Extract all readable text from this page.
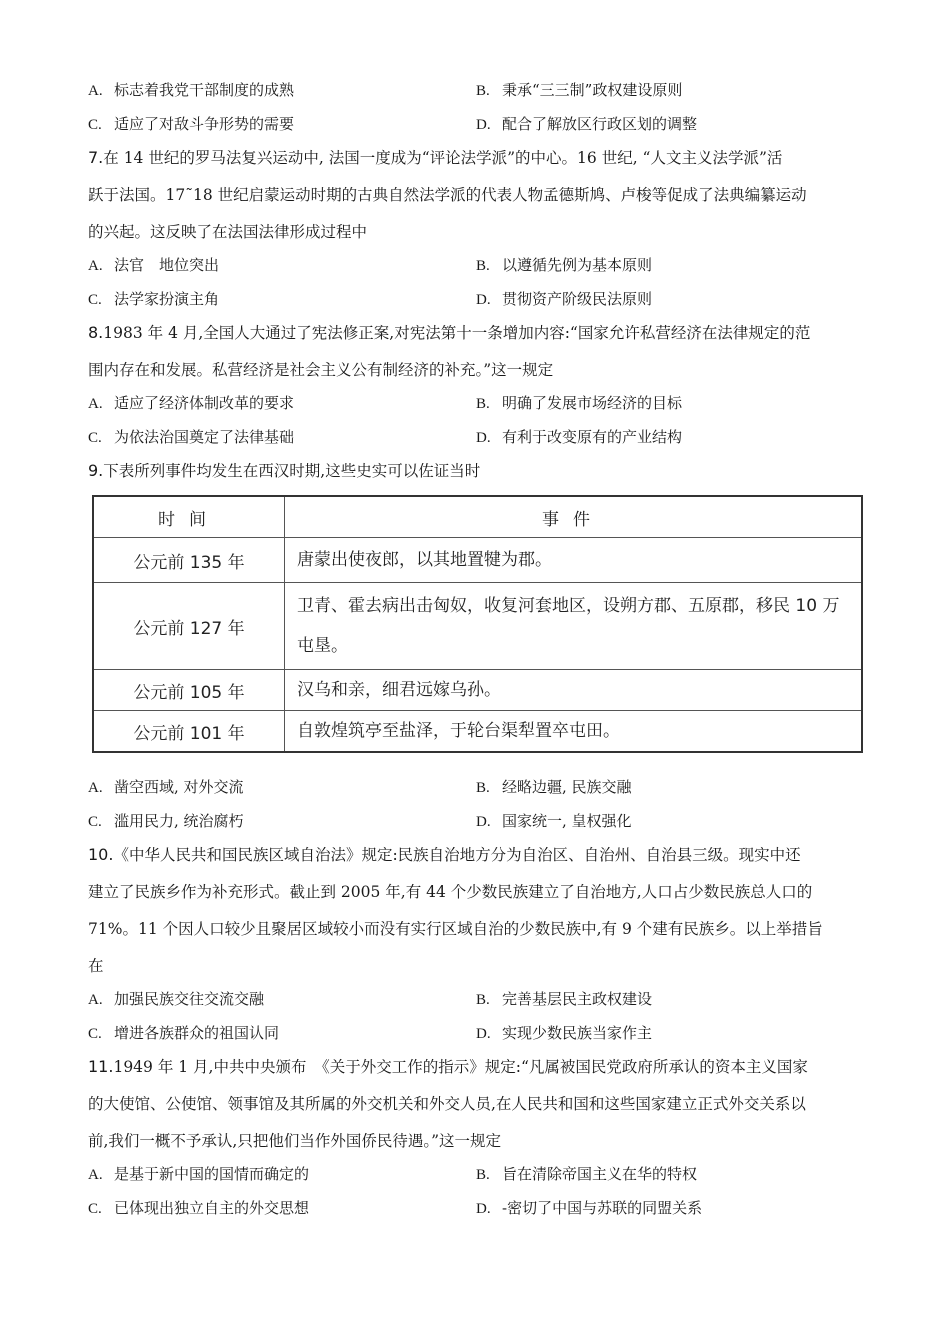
A. 标志着我党干部制度的成熟	B. 秉承“三三制”政权建设原则
C. 适应了对敌斗争形势的需要	D. 配合了解放区行政区划的调整
7.在 14 世纪的罗马法复兴运动中, 法国一度成为“评论法学派”的中心。16 世纪, “人文主义法学派”活
跃于法国。17˜18 世纪启蒙运动时期的古典自然法学派的代表人物孟德斯鸠、卢梭等促成了法典编纂运动
的兴起。这反映了在法国法律形成过程中
A. 法官　地位突出	B. 以遵循先例为基本原则
C. 法学家扮演主角	D. 贯彻资产阶级民法原则
8.1983 年 4 月,全国人大通过了宪法修正案,对宪法第十一条增加内容:“国家允许私营经济在法律规定的范
围内存在和发展。私营经济是社会主义公有制经济的补充。”这一规定
A. 适应了经济体制改革的要求	B. 明确了发展市场经济的目标
C. 为依法治国奠定了法律基础	D. 有利于改变原有的产业结构
9.下表所列事件均发生在西汉时期,这些史实可以佐证当时
时间	事件
公元前 135 年	唐蒙出使夜郎，以其地置犍为郡。
公元前 127 年	卫青、霍去病出击匈奴，收复河套地区，设朔方郡、五原郡，移民 10 万屯垦。
公元前 105 年	汉乌和亲，细君远嫁乌孙。
公元前 101 年	自敦煌筑亭至盐泽，于轮台渠犁置卒屯田。
A. 凿空西域, 对外交流	B. 经略边疆, 民族交融
C. 滥用民力, 统治腐朽	D. 国家统一, 皇权强化
10.《中华人民共和国民族区域自治法》规定:民族自治地方分为自治区、自治州、自治县三级。现实中还
建立了民族乡作为补充形式。截止到 2005 年,有 44 个少数民族建立了自治地方,人口占少数民族总人口的
71%。11 个因人口较少且聚居区域较小而没有实行区域自治的少数民族中,有 9 个建有民族乡。以上举措旨
在
A. 加强民族交往交流交融	B. 完善基层民主政权建设
C. 增进各族群众的祖国认同	D. 实现少数民族当家作主
11.1949 年 1 月,中共中央颁布　《关于外交工作的指示》规定:“凡属被国民党政府所承认的资本主义国家
的大使馆、公使馆、领事馆及其所属的外交机关和外交人员,在人民共和国和这些国家建立正式外交关系以
前,我们一概不予承认,只把他们当作外国侨民待遇。”这一规定
A. 是基于新中国的国情而确定的	B. 旨在清除帝国主义在华的特权
C. 已体现出独立自主的外交思想	D. -密切了中国与苏联的同盟关系
